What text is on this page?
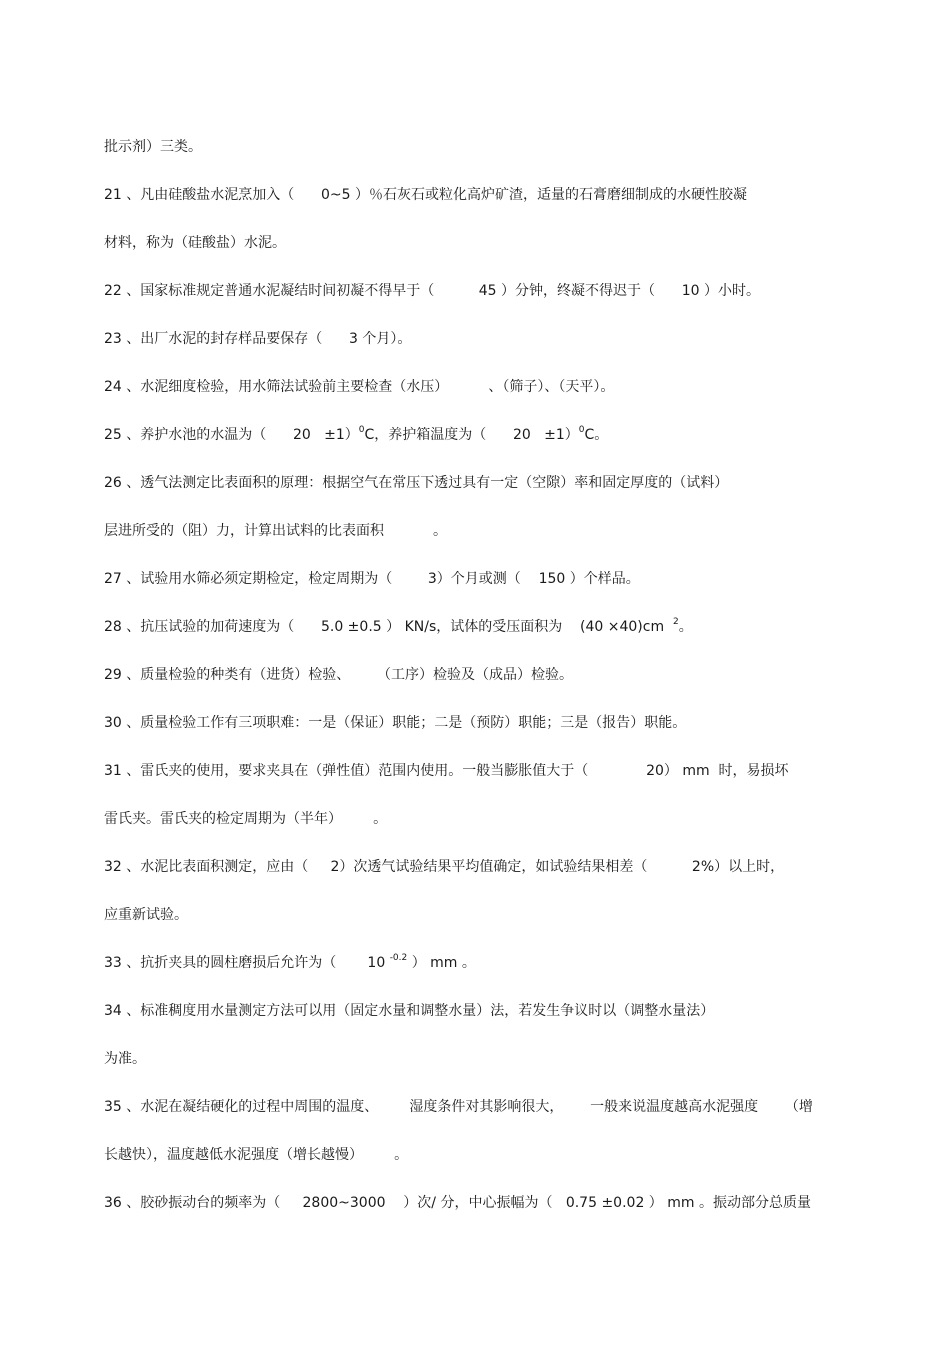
批示剂）三类。
21 、凡由硅酸盐水泥烹加入（      0~5 ）％石灰石或粒化高炉矿渣，适量的石膏磨细制成的水硬性胶凝
材料，称为（硅酸盐）水泥。
22 、国家标准规定普通水泥凝结时间初凝不得早于（          45 ）分钟，终凝不得迟于（      10 ）小时。
23 、出厂水泥的封存样品要保存（      3 个月）。
24 、水泥细度检验，用水筛法试验前主要检查（水压）         、（筛子）、（天平）。
25 、养护水池的水温为（      20   ±1）$^0$C，养护箱温度为（      20   ±1）$^0$C。
26 、透气法测定比表面积的原理：根据空气在常压下透过具有一定（空隙）率和固定厚度的（试料）
层进所受的（阻）力，计算出试料的比表面积           。
27 、试验用水筛必须定期检定，检定周期为（        3）个月或测（    150 ）个样品。
28 、抗压试验的加荷速度为（      5.0 ±0.5 ） KN/s，试体的受压面积为    (40 ×40)cm  $^2$。
29 、质量检验的种类有（进货）检验、      （工序）检验及（成品）检验。
30 、质量检验工作有三项职难：一是（保证）职能；二是（预防）职能；三是（报告）职能。
31 、雷氏夹的使用，要求夹具在（弹性值）范围内使用。一般当膨胀值大于（             20） mm  时，易损坏
雷氏夹。雷氏夹的检定周期为（半年）       。
32 、水泥比表面积测定，应由（     2）次透气试验结果平均值确定，如试验结果相差（          2%）以上时，
应重新试验。
33 、抗折夹具的圆柱磨损后允许为（       10 $^{-0.2}$ ） mm 。
34 、标准稠度用水量测定方法可以用（固定水量和调整水量）法，若发生争议时以（调整水量法）
为准。
35 、水泥在凝结硬化的过程中周围的温度、       湿度条件对其影响很大，      一般来说温度越高水泥强度      （增
长越快），温度越低水泥强度（增长越慢）       。
36 、胶砂振动台的频率为（     2800~3000    ）次/ 分，中心振幅为（   0.75 ±0.02 ） mm 。振动部分总质量
